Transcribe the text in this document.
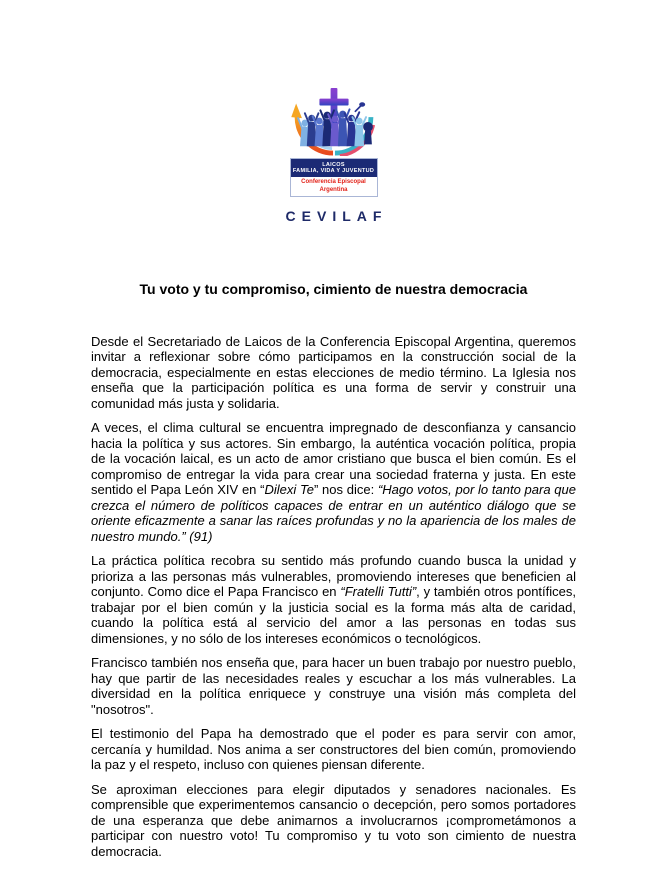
LAICOS
FAMILIA, VIDA Y JUVENTUD
Conferencia Episcopal Argentina
CEVILAF
Tu voto y tu compromiso, cimiento de nuestra democracia

Desde el Secretariado de Laicos de la Conferencia Episcopal Argentina, queremos invitar a reflexionar sobre cómo participamos en la construcción social de la democracia, especialmente en estas elecciones de medio término. La Iglesia nos enseña que la participación política es una forma de servir y construir una comunidad más justa y solidaria.

A veces, el clima cultural se encuentra impregnado de desconfianza y cansancio hacia la política y sus actores. Sin embargo, la auténtica vocación política, propia de la vocación laical, es un acto de amor cristiano que busca el bien común. Es el compromiso de entregar la vida para crear una sociedad fraterna y justa. En este sentido el Papa León XIV en “Dilexi Te” nos dice: “Hago votos, por lo tanto para que crezca el número de políticos capaces de entrar en un auténtico diálogo que se oriente eficazmente a sanar las raíces profundas y no la apariencia de los males de nuestro mundo.” (91)

La práctica política recobra su sentido más profundo cuando busca la unidad y prioriza a las personas más vulnerables, promoviendo intereses que beneficien al conjunto. Como dice el Papa Francisco en “Fratelli Tutti”, y también otros pontífices, trabajar por el bien común y la justicia social es la forma más alta de caridad, cuando la política está al servicio del amor a las personas en todas sus dimensiones, y no sólo de los intereses económicos o tecnológicos.

Francisco también nos enseña que, para hacer un buen trabajo por nuestro pueblo, hay que partir de las necesidades reales y escuchar a los más vulnerables. La diversidad en la política enriquece y construye una visión más completa del "nosotros".

El testimonio del Papa ha demostrado que el poder es para servir con amor, cercanía y humildad. Nos anima a ser constructores del bien común, promoviendo la paz y el respeto, incluso con quienes piensan diferente.

Se aproximan elecciones para elegir diputados y senadores nacionales. Es comprensible que experimentemos cansancio o decepción, pero somos portadores de una esperanza que debe animarnos a involucrarnos ¡comprometámonos a participar con nuestro voto! Tu compromiso y tu voto son cimiento de nuestra democracia.
